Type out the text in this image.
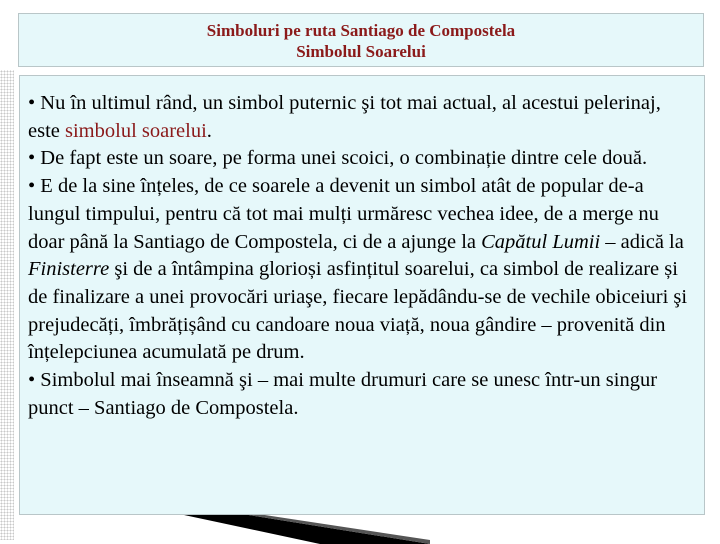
Simboluri pe ruta Santiago de Compostela
Simbolul Soarelui

• Nu în ultimul rând, un simbol puternic şi tot mai actual, al acestui pelerinaj, este simbolul soarelui.

• De fapt este un soare, pe forma unei scoici, o combinație dintre cele două.

• E de la sine înțeles, de ce soarele a devenit un simbol atât de popular de-a lungul timpului, pentru că tot mai mulți urmăresc vechea idee, de a merge nu doar până la Santiago de Compostela, ci de a ajunge la Capătul Lumii – adică la Finisterre şi de a întâmpina glorioși asfințitul soarelui, ca simbol de realizare și de finalizare a unei provocări uriaşe, fiecare lepădându-se de vechile obiceiuri şi prejudecăți, îmbrățișând cu candoare noua viață, noua gândire – provenită din înțelepciunea acumulată pe drum.

• Simbolul mai înseamnă şi – mai multe drumuri care se unesc într-un singur punct – Santiago de Compostela.
